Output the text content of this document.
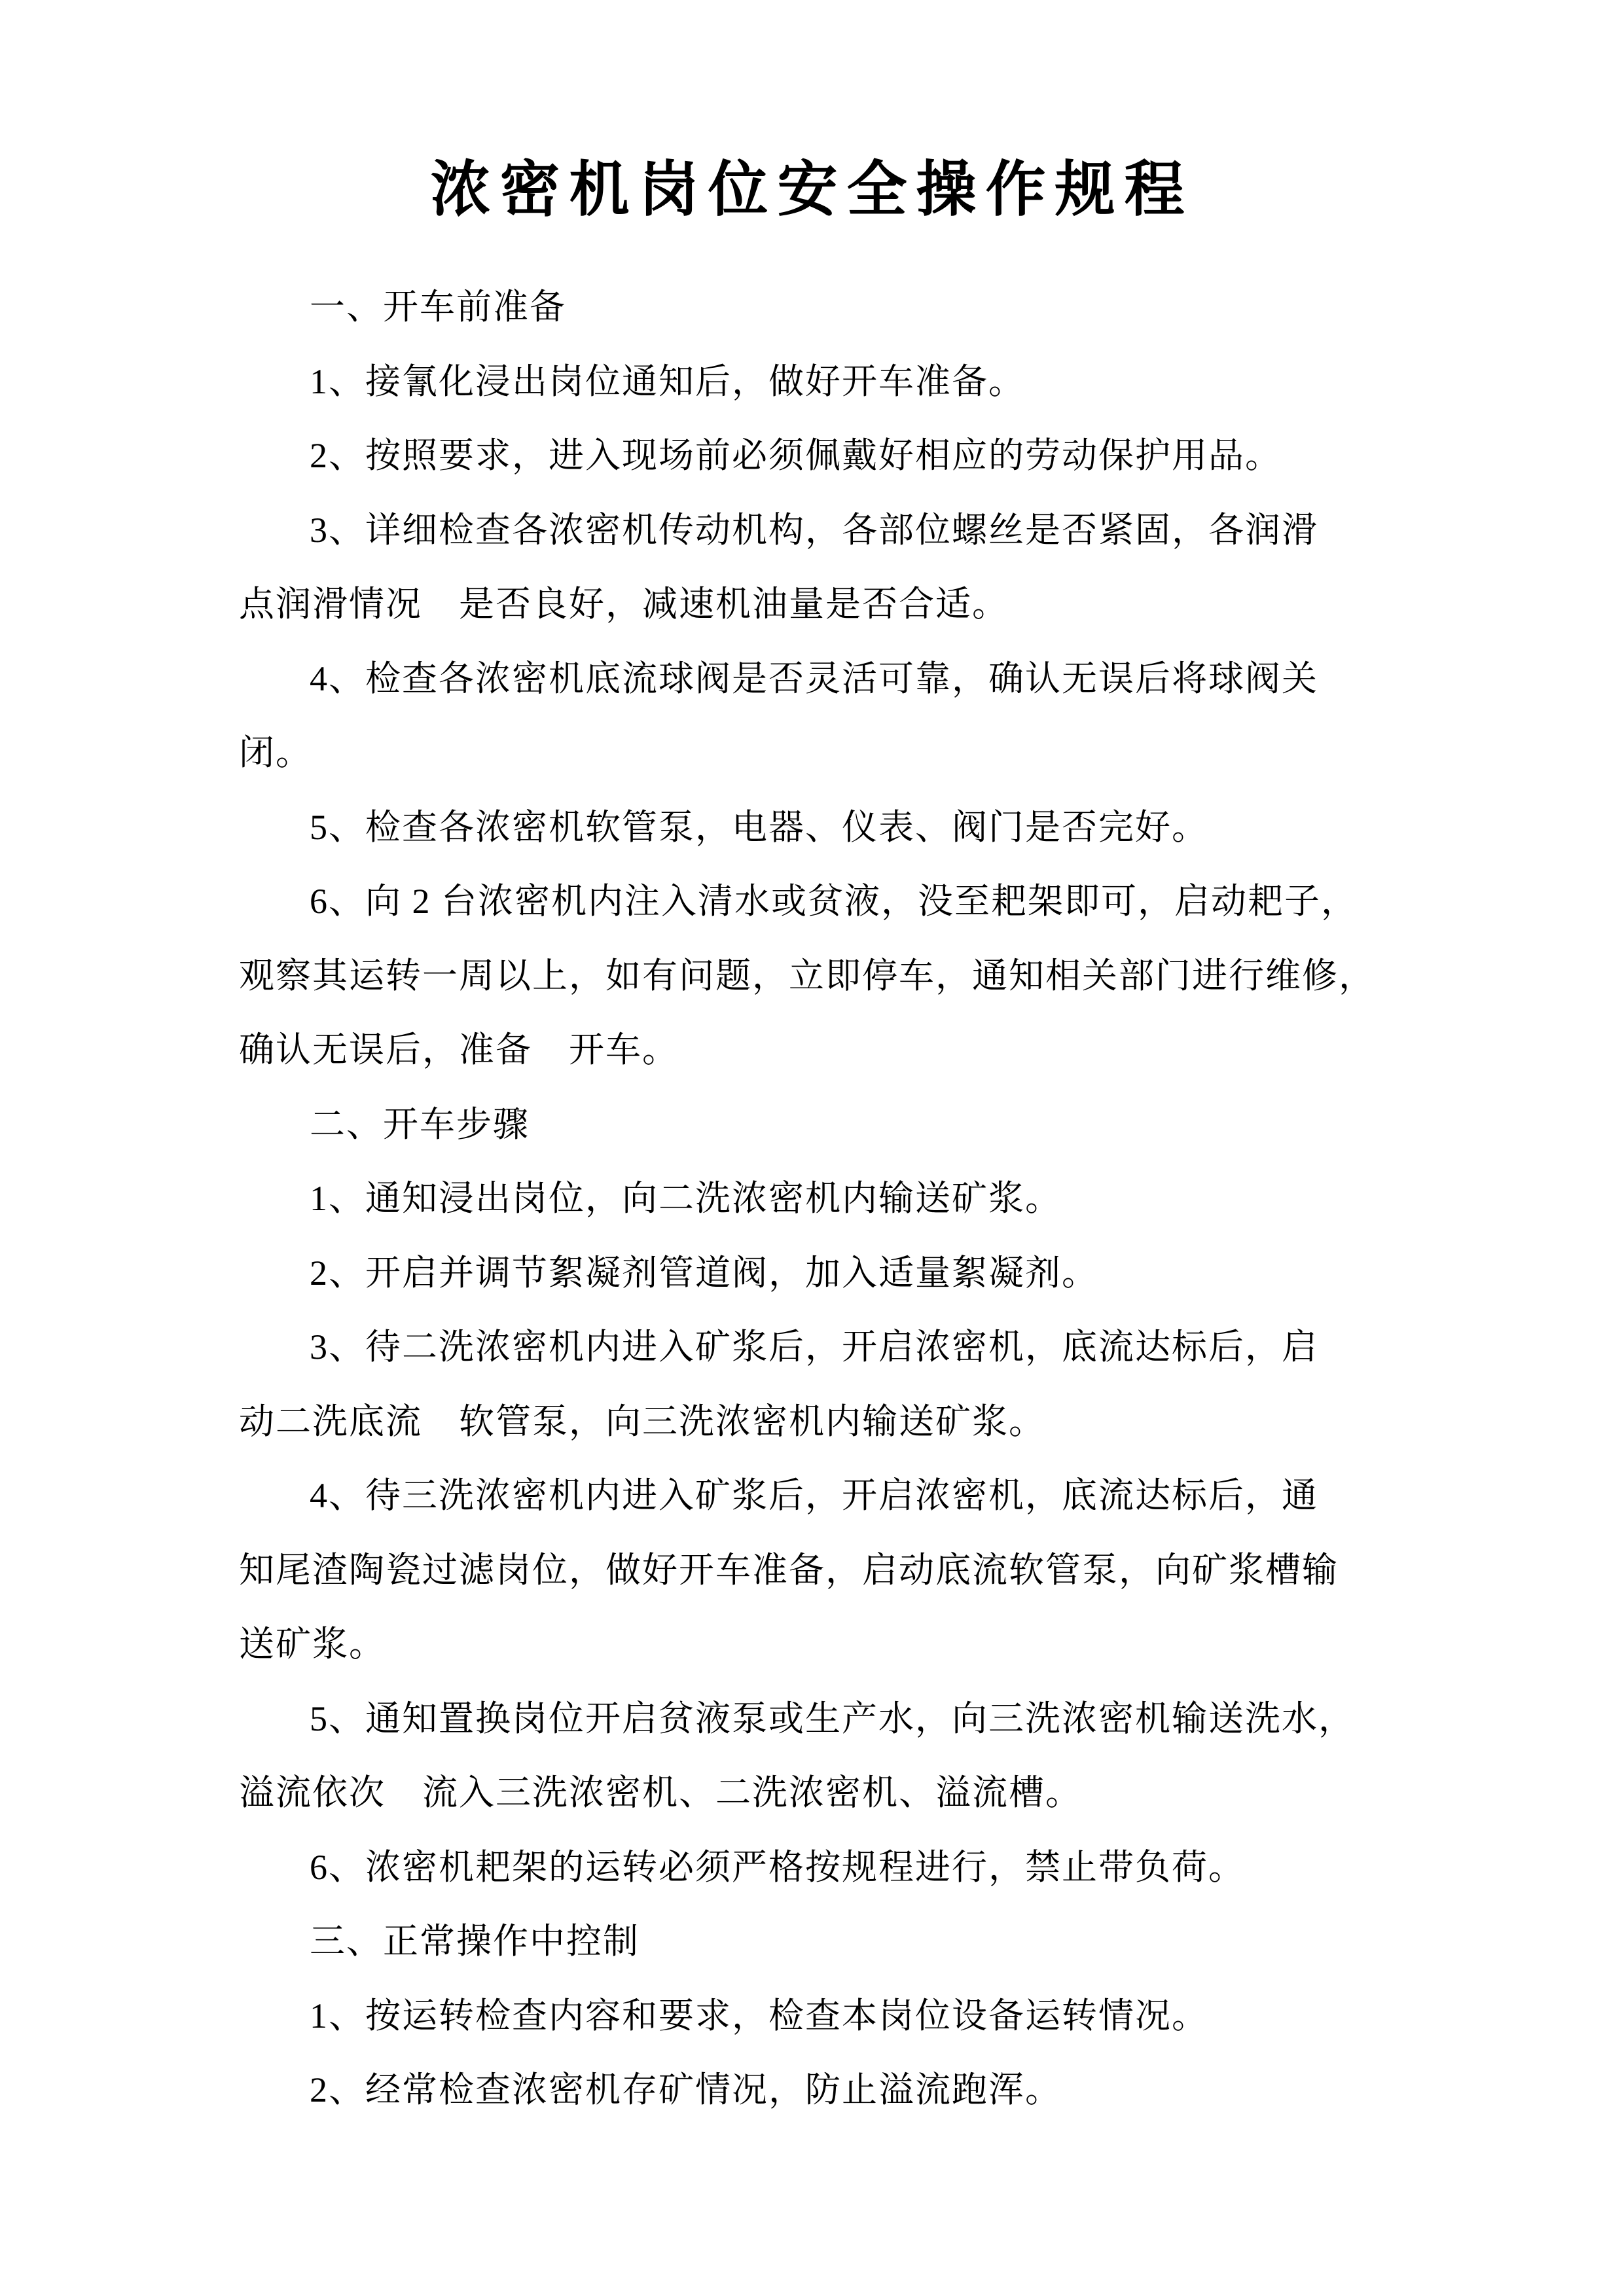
浓密机岗位安全操作规程
一、开车前准备
1、接氰化浸出岗位通知后，做好开车准备。
2、按照要求，进入现场前必须佩戴好相应的劳动保护用品。
3、详细检查各浓密机传动机构，各部位螺丝是否紧固，各润滑
点润滑情况　是否良好，减速机油量是否合适。
4、检查各浓密机底流球阀是否灵活可靠，确认无误后将球阀关
闭。
5、检查各浓密机软管泵，电器、仪表、阀门是否完好。
6、向 2 台浓密机内注入清水或贫液，没至耙架即可，启动耙子，
观察其运转一周以上，如有问题，立即停车，通知相关部门进行维修，
确认无误后，准备　开车。
二、开车步骤
1、通知浸出岗位，向二洗浓密机内输送矿浆。
2、开启并调节絮凝剂管道阀，加入适量絮凝剂。
3、待二洗浓密机内进入矿浆后，开启浓密机，底流达标后，启
动二洗底流　软管泵，向三洗浓密机内输送矿浆。
4、待三洗浓密机内进入矿浆后，开启浓密机，底流达标后，通
知尾渣陶瓷过滤岗位，做好开车准备，启动底流软管泵，向矿浆槽输
送矿浆。
5、通知置换岗位开启贫液泵或生产水，向三洗浓密机输送洗水，
溢流依次　流入三洗浓密机、二洗浓密机、溢流槽。
6、浓密机耙架的运转必须严格按规程进行，禁止带负荷。
三、正常操作中控制
1、按运转检查内容和要求，检查本岗位设备运转情况。
2、经常检查浓密机存矿情况，防止溢流跑浑。
